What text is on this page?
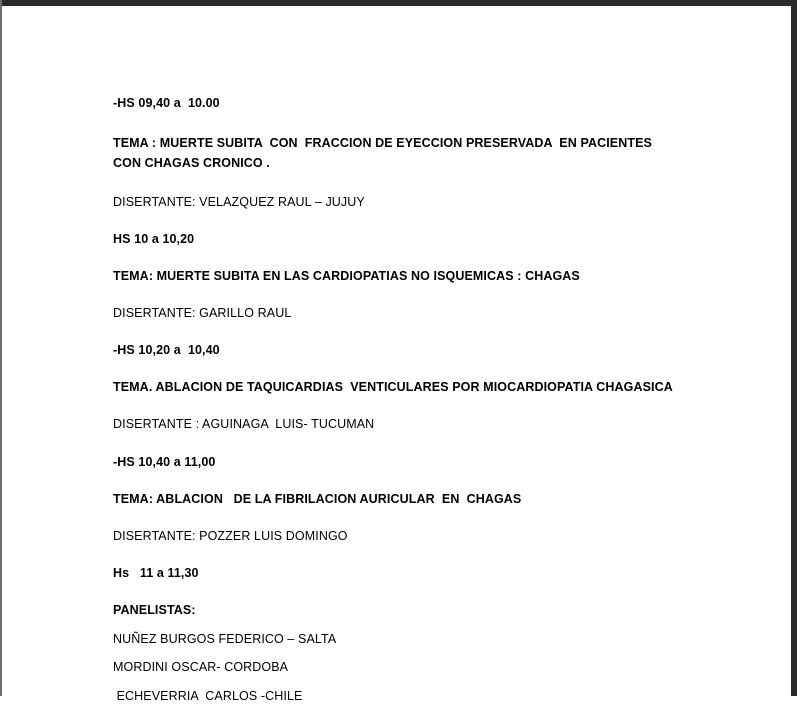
-HS 09,40 a  10.00

TEMA : MUERTE SUBITA  CON  FRACCION DE EYECCION PRESERVADA  EN PACIENTES CON CHAGAS CRONICO .

DISERTANTE: VELAZQUEZ RAUL – JUJUY

HS 10 a 10,20

TEMA: MUERTE SUBITA EN LAS CARDIOPATIAS NO ISQUEMICAS : CHAGAS

DISERTANTE: GARILLO RAUL

-HS 10,20 a  10,40

TEMA. ABLACION DE TAQUICARDIAS  VENTICULARES POR MIOCARDIOPATIA CHAGASICA

DISERTANTE : AGUINAGA  LUIS- TUCUMAN

-HS 10,40 a 11,00

TEMA: ABLACION   DE LA FIBRILACION AURICULAR  EN  CHAGAS

DISERTANTE: POZZER LUIS DOMINGO

Hs   11 a 11,30

PANELISTAS:

NUÑEZ BURGOS FEDERICO – SALTA

MORDINI OSCAR- CORDOBA

ECHEVERRIA  CARLOS -CHILE
